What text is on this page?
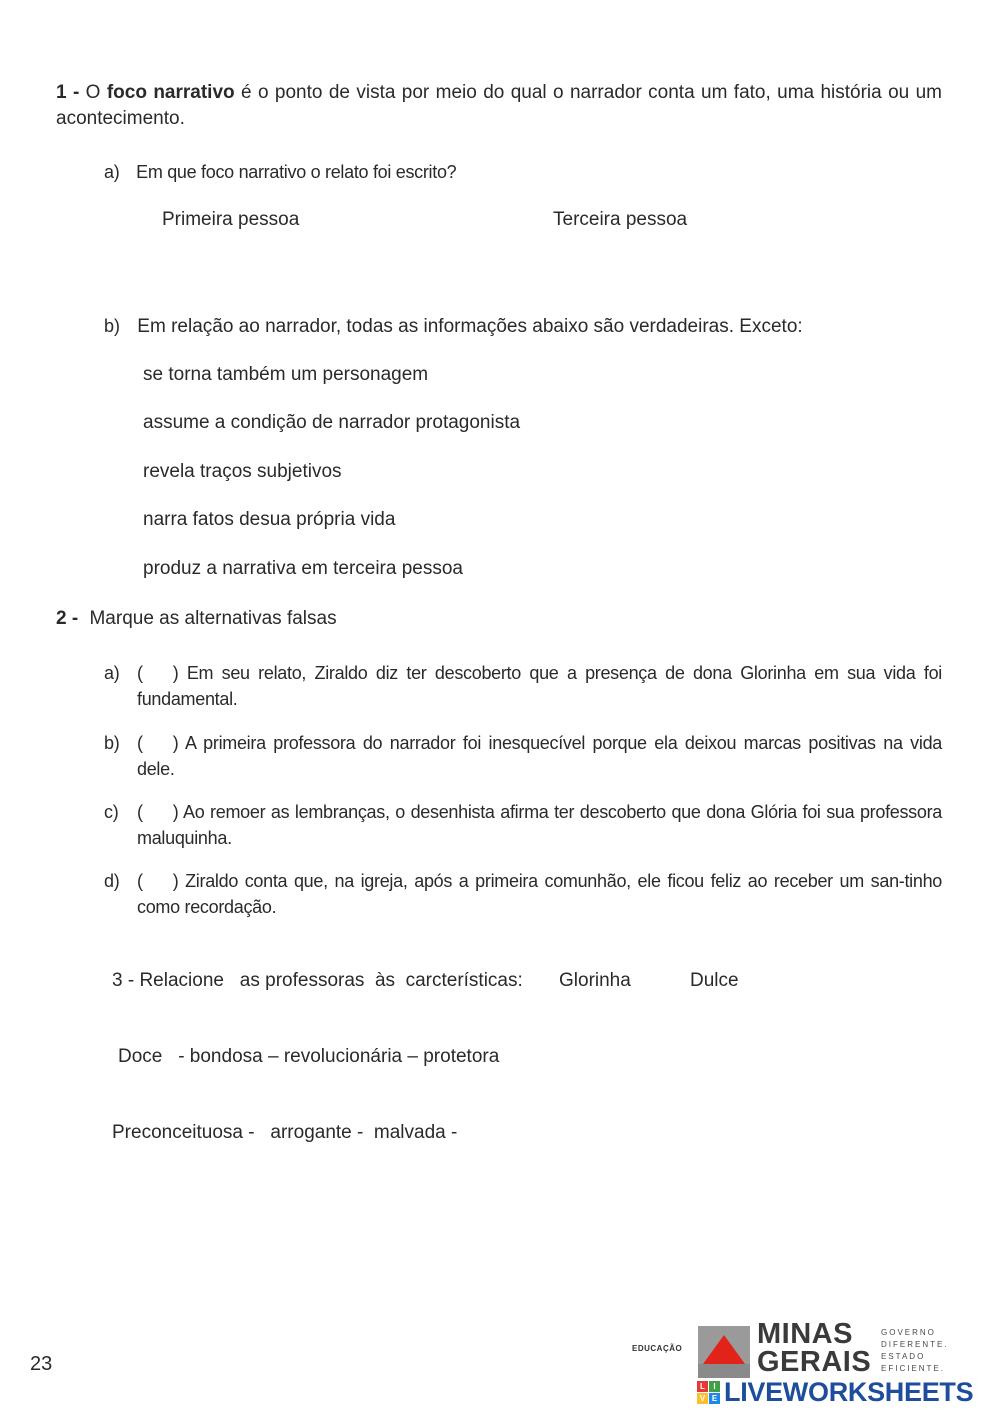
1 - O foco narrativo é o ponto de vista por meio do qual o narrador conta um fato, uma história ou um acontecimento.
a) Em que foco narrativo o relato foi escrito?
Primeira pessoa	Terceira pessoa
b) Em relação ao narrador, todas as informações abaixo são verdadeiras. Exceto:
se torna também um personagem
assume a condição de narrador protagonista
revela traços subjetivos
narra fatos desua própria vida
produz a narrativa em terceira pessoa
2 - Marque as alternativas falsas
a) ( ) Em seu relato, Ziraldo diz ter descoberto que a presença de dona Glorinha em sua vida foi fundamental.
b) ( ) A primeira professora do narrador foi inesquecível porque ela deixou marcas positivas na vida dele.
c)	( ) Ao remoer as lembranças, o desenhista afirma ter descoberto que dona Glória foi sua professora maluquinha.
d) ( ) Ziraldo conta que, na igreja, após a primeira comunhão, ele ficou feliz ao receber um san-tinho como recordação.
3 - Relacione   as professoras  às  carcterísticas: Glorinha	Dulce
Doce   - bondosa – revolucionária – protetora
Preconceituosa -   arrogante -  malvada -
23
EDUCAÇÃO	MINAS
GERAIS
GOVERNO
DIFERENTE.
ESTADO
EFICIENTE.
L	I
V E LIVEWORKSHEETS
